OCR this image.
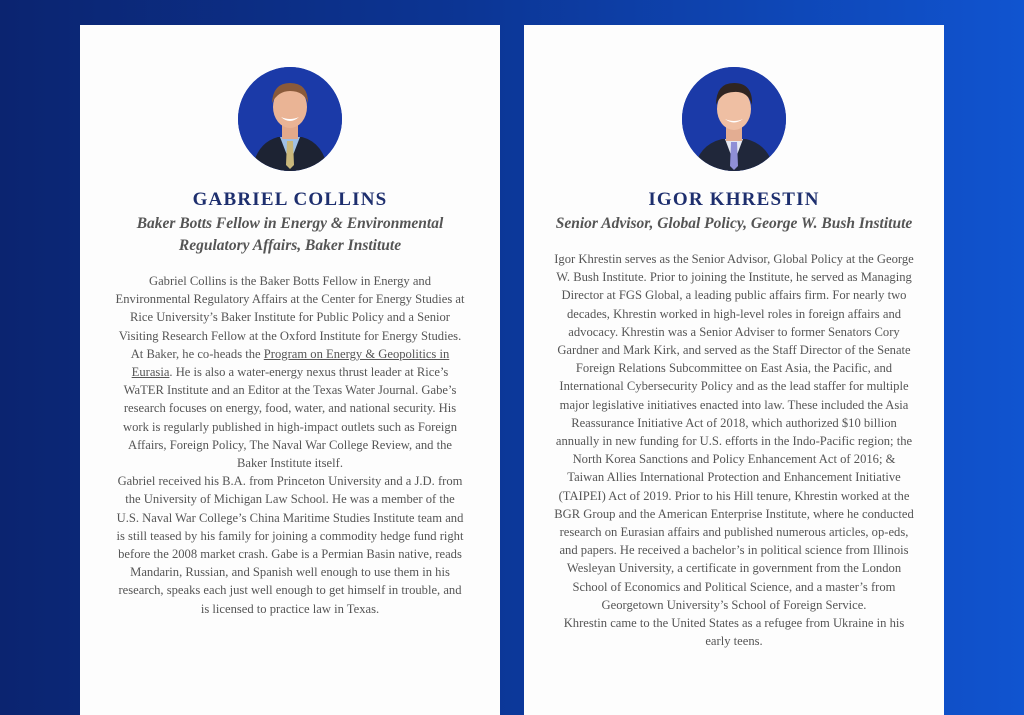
GABRIEL COLLINS
Baker Botts Fellow in Energy & Environmental Regulatory Affairs, Baker Institute

Gabriel Collins is the Baker Botts Fellow in Energy and Environmental Regulatory Affairs at the Center for Energy Studies at Rice University’s Baker Institute for Public Policy and a Senior Visiting Research Fellow at the Oxford Institute for Energy Studies. At Baker, he co-heads the Program on Energy & Geopolitics in Eurasia. He is also a water-energy nexus thrust leader at Rice’s WaTER Institute and an Editor at the Texas Water Journal. Gabe’s research focuses on energy, food, water, and national security. His work is regularly published in high-impact outlets such as Foreign Affairs, Foreign Policy, The Naval War College Review, and the Baker Institute itself.

Gabriel received his B.A. from Princeton University and a J.D. from the University of Michigan Law School. He was a member of the U.S. Naval War College’s China Maritime Studies Institute team and is still teased by his family for joining a commodity hedge fund right before the 2008 market crash. Gabe is a Permian Basin native, reads Mandarin, Russian, and Spanish well enough to use them in his research, speaks each just well enough to get himself in trouble, and is licensed to practice law in Texas.

IGOR KHRESTIN
Senior Advisor, Global Policy, George W. Bush Institute

Igor Khrestin serves as the Senior Advisor, Global Policy at the George W. Bush Institute. Prior to joining the Institute, he served as Managing Director at FGS Global, a leading public affairs firm. For nearly two decades, Khrestin worked in high-level roles in foreign affairs and advocacy. Khrestin was a Senior Adviser to former Senators Cory Gardner and Mark Kirk, and served as the Staff Director of the Senate Foreign Relations Subcommittee on East Asia, the Pacific, and International Cybersecurity Policy and as the lead staffer for multiple major legislative initiatives enacted into law. These included the Asia Reassurance Initiative Act of 2018, which authorized $10 billion annually in new funding for U.S. efforts in the Indo-Pacific region; the North Korea Sanctions and Policy Enhancement Act of 2016; & Taiwan Allies International Protection and Enhancement Initiative (TAIPEI) Act of 2019. Prior to his Hill tenure, Khrestin worked at the BGR Group and the American Enterprise Institute, where he conducted research on Eurasian affairs and published numerous articles, op-eds, and papers. He received a bachelor’s in political science from Illinois Wesleyan University, a certificate in government from the London School of Economics and Political Science, and a master’s from Georgetown University’s School of Foreign Service.

Khrestin came to the United States as a refugee from Ukraine in his early teens.
